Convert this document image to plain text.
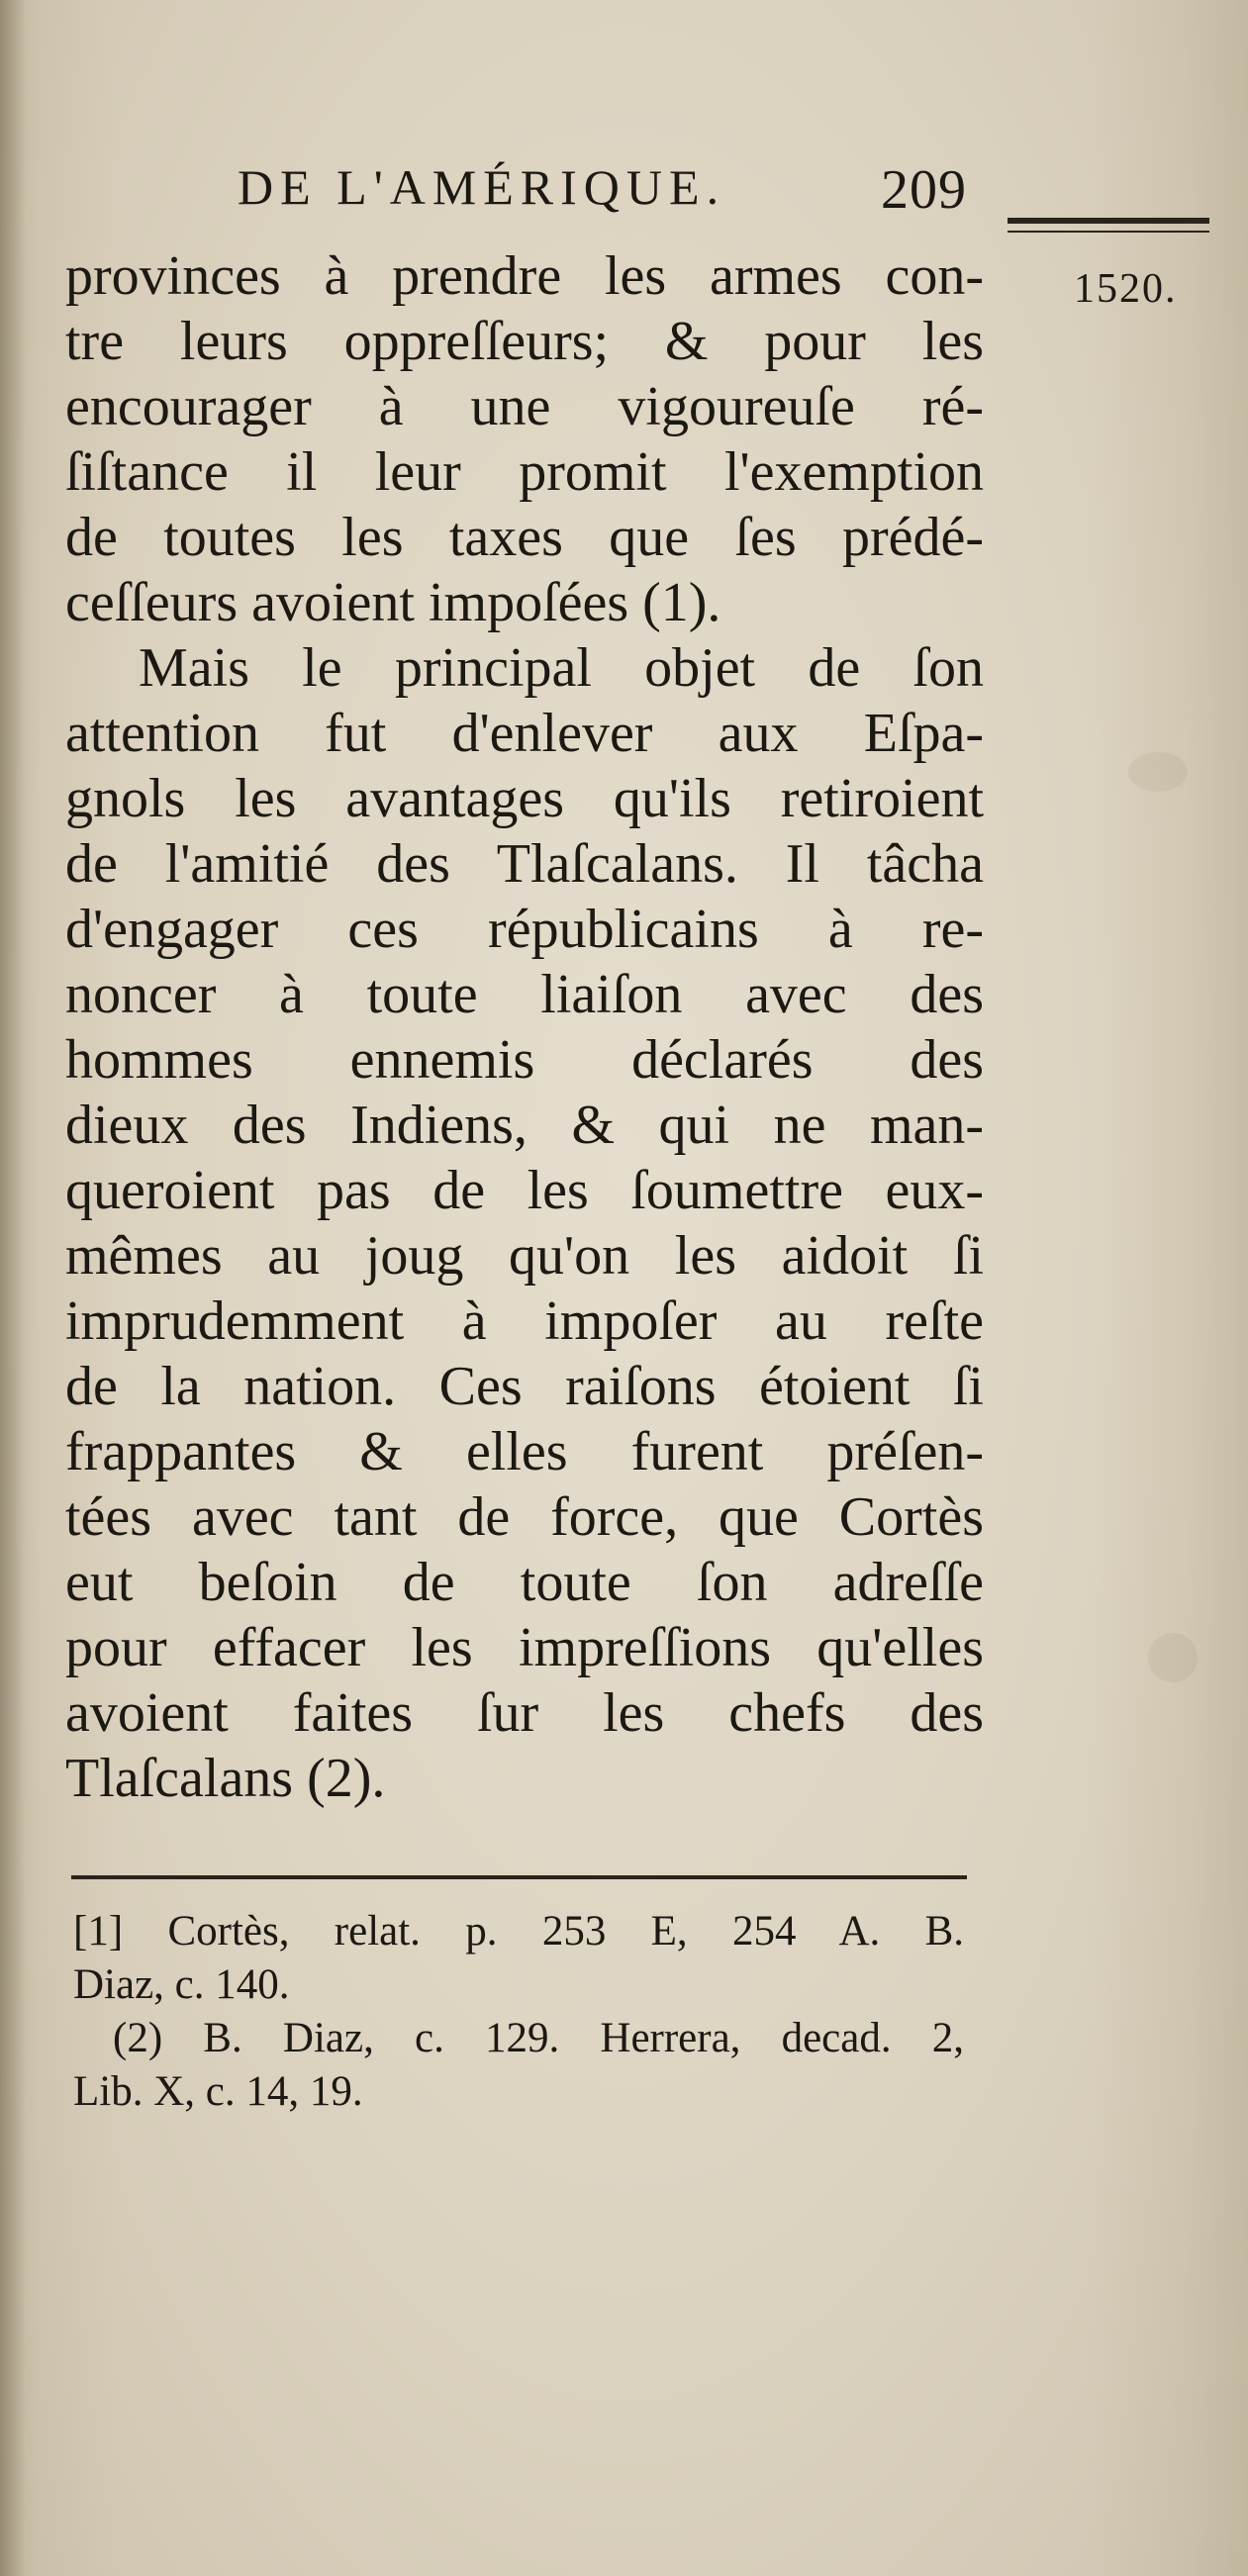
DE L'AMÉRIQUE.	209
1520.
provinces à prendre les armes con-
tre leurs oppreſſeurs; & pour les
encourager à une vigoureuſe ré-
ſiſtance il leur promit l'exemption
de toutes les taxes que ſes prédé-
ceſſeurs avoient impoſées (1).
Mais le principal objet de ſon
attention fut d'enlever aux Eſpa-
gnols les avantages qu'ils retiroient
de l'amitié des Tlaſcalans. Il tâcha
d'engager ces républicains à re-
noncer à toute liaiſon avec des
hommes ennemis déclarés des
dieux des Indiens, & qui ne man-
queroient pas de les ſoumettre eux-
mêmes au joug qu'on les aidoit ſi
imprudemment à impoſer au reſte
de la nation. Ces raiſons étoient ſi
frappantes & elles furent préſen-
tées avec tant de force, que Cortès
eut beſoin de toute ſon adreſſe
pour effacer les impreſſions qu'elles
avoient faites ſur les chefs des
Tlaſcalans (2).
[1] Cortès, relat. p. 253 E, 254 A. B.
Diaz, c. 140.
(2) B. Diaz, c. 129. Herrera, decad. 2,
Lib. X, c. 14, 19.
